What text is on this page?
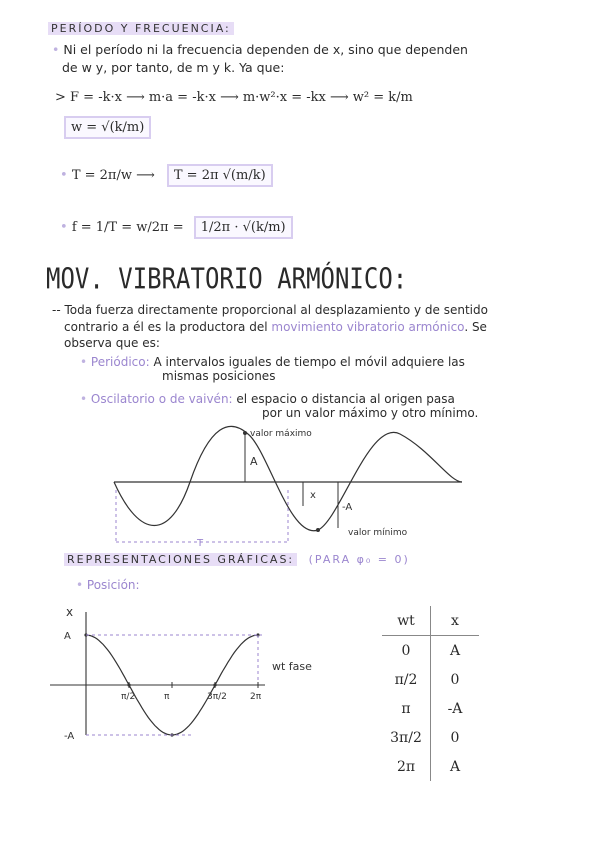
PERÍODO Y FRECUENCIA:
• Ni el período ni la frecuencia dependen de x, sino que dependen
de w y, por tanto, de m y k. Ya que:
> F = -k·x ⟶ m·a = -k·x ⟶ m·w²·x = -kx ⟶ w² = k/m
w = √(k/m)
• T = 2π/w ⟶ T = 2π √(m/k)
• f = 1/T = w/2π = 1/2π · √(k/m)
MOV. VIBRATORIO ARMÓNICO:
-- Toda fuerza directamente proporcional al desplazamiento y de sentido
contrario a él es la productora del movimiento vibratorio armónico. Se
observa que es:
• Periódico: A intervalos iguales de tiempo el móvil adquiere las
mismas posiciones
• Oscilatorio o de vaivén: el espacio o distancia al origen pasa
por un valor máximo y otro mínimo.
valor máximo
A
x
-A
valor mínimo
T
REPRESENTACIONES GRÁFICAS: (PARA φ₀ = 0)
• Posición:
x
wt fase
A
-A
π/2	π	3π/2	2π
wt	x
0	A
π/2	0
π	-A
3π/2	0
2π	A
